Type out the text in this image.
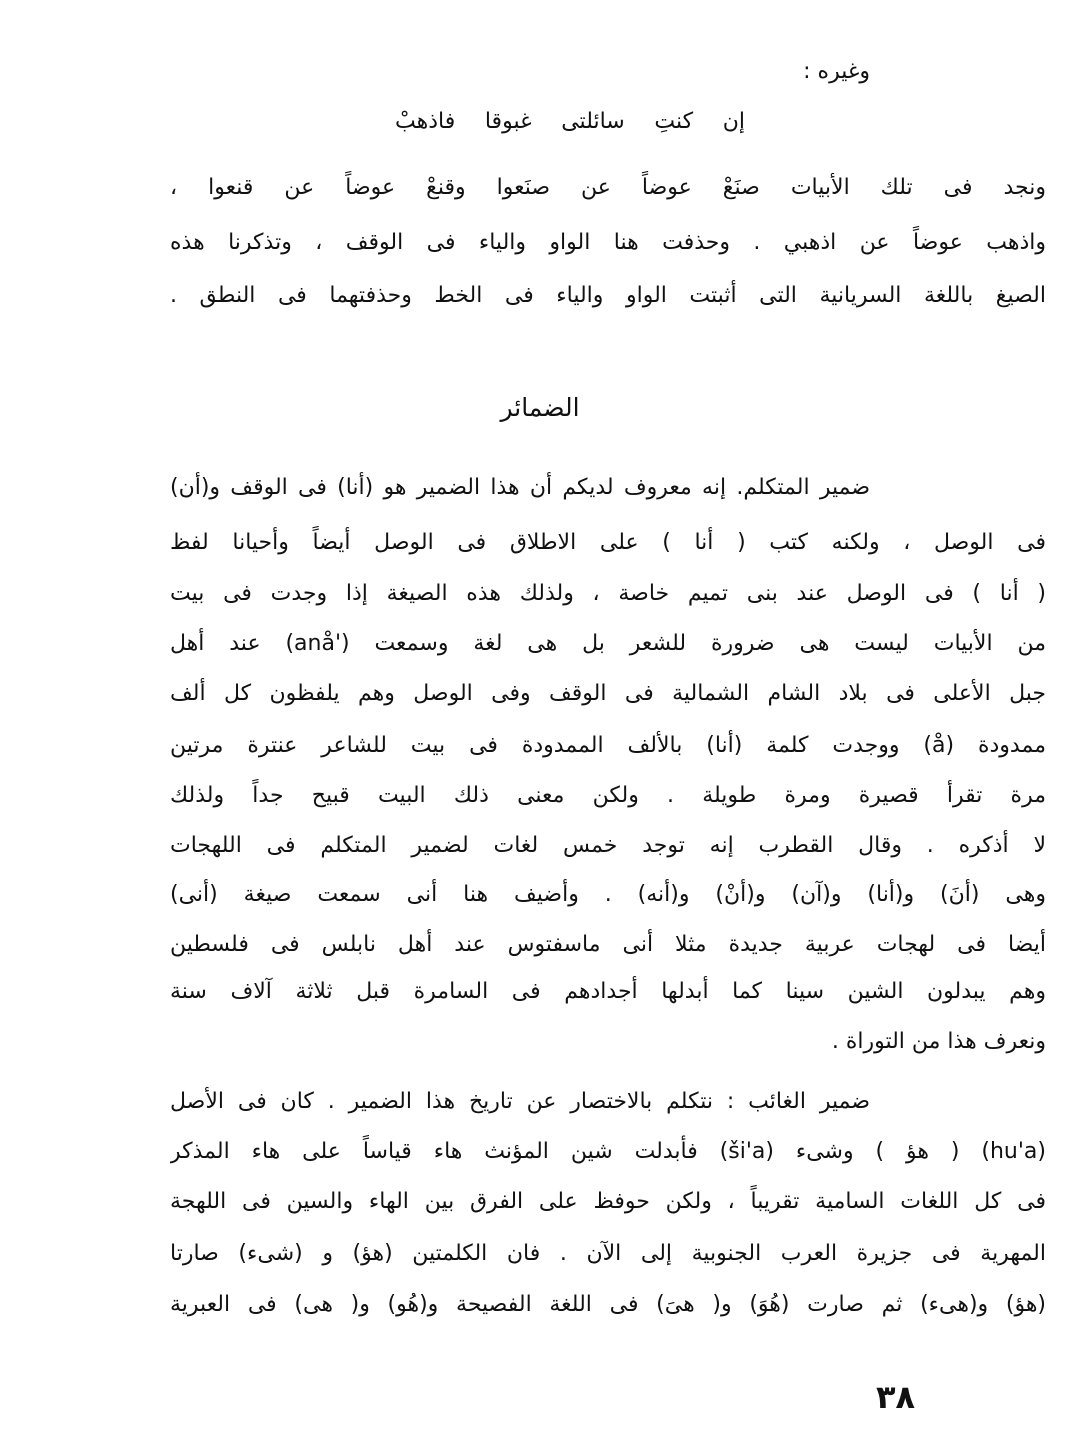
وغيره :
إن كنتِ سائلتى غبوقا فاذهبْ
ونجد فى تلك الأبيات صنَعْ عوضاً عن صنَعوا وقنعْ عوضاً عن قنعوا ،
واذهب عوضاً عن اذهبي . وحذفت هنا الواو والياء فى الوقف ، وتذكرنا هذه
الصيغ باللغة السريانية التى أثبتت الواو والياء فى الخط وحذفتهما فى النطق .
الضمائر
ضمير المتكلم. إنه معروف لديكم أن هذا الضمير هو (أنا) فى الوقف و(أن)
فى الوصل ، ولكنه كتب ( أنا ) على الاطلاق فى الوصل أيضاً وأحيانا لفظ
( أنا ) فى الوصل عند بنى تميم خاصة ، ولذلك هذه الصيغة إذا وجدت فى بيت
من الأبيات ليست هى ضرورة للشعر بل هى لغة وسمعت ('anå) عند أهل
جبل الأعلى فى بلاد الشام الشمالية فى الوقف وفى الوصل وهم يلفظون كل ألف
ممدودة (å) ووجدت كلمة (أنا) بالألف الممدودة فى بيت للشاعر عنترة مرتين
مرة تقرأ قصيرة ومرة طويلة . ولكن معنى ذلك البيت قبيح جداً ولذلك
لا أذكره . وقال القطرب إنه توجد خمس لغات لضمير المتكلم فى اللهجات
وهى (أنَ) و(أنا) و(آن) و(أنْ) و(أنه) . وأضيف هنا أنى سمعت صيغة (أنى)
أيضا فى لهجات عربية جديدة مثلا أنى ماسفتوس عند أهل نابلس فى فلسطين
وهم يبدلون الشين سينا كما أبدلها أجدادهم فى السامرة قبل ثلاثة آلاف سنة
ونعرف هذا من التوراة .
ضمير الغائب : نتكلم بالاختصار عن تاريخ هذا الضمير . كان فى الأصل
(hu'a) ( هؤ ) وشىء (ši'a) فأبدلت شين المؤنث هاء قياساً على هاء المذكر
فى كل اللغات السامية تقريباً ، ولكن حوفظ على الفرق بين الهاء والسين فى اللهجة
المهرية فى جزيرة العرب الجنوبية إلى الآن . فان الكلمتين (هؤ) و (شىء) صارتا
(هؤ) و(هىء) ثم صارت (هُوَ) و( هىَ) فى اللغة الفصيحة و(هُو) و( هى) فى العبرية
٣٨
